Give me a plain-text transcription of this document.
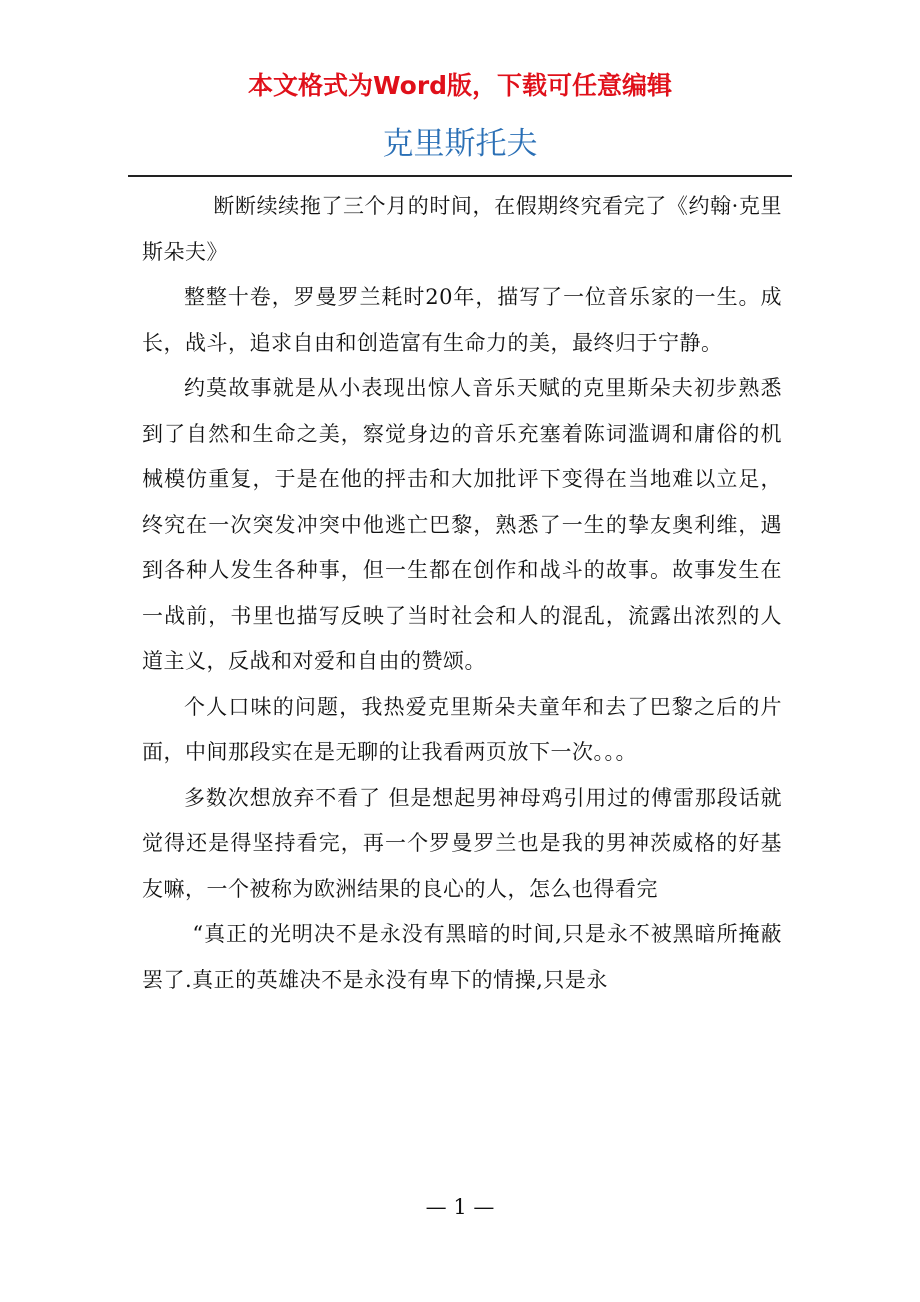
本文格式为Word版，下载可任意编辑
克里斯托夫

断断续续拖了三个月的时间，在假期终究看完了《约翰·克里斯朵夫》

整整十卷，罗曼罗兰耗时20年，描写了一位音乐家的一生。成长，战斗，追求自由和创造富有生命力的美，最终归于宁静。

约莫故事就是从小表现出惊人音乐天赋的克里斯朵夫初步熟悉到了自然和生命之美，察觉身边的音乐充塞着陈词滥调和庸俗的机械模仿重复，于是在他的抨击和大加批评下变得在当地难以立足，终究在一次突发冲突中他逃亡巴黎，熟悉了一生的挚友奥利维，遇到各种人发生各种事，但一生都在创作和战斗的故事。故事发生在一战前，书里也描写反映了当时社会和人的混乱，流露出浓烈的人道主义，反战和对爱和自由的赞颂。

个人口味的问题，我热爱克里斯朵夫童年和去了巴黎之后的片面，中间那段实在是无聊的让我看两页放下一次。。。

多数次想放弃不看了 但是想起男神母鸡引用过的傅雷那段话就觉得还是得坚持看完，再一个罗曼罗兰也是我的男神茨威格的好基友嘛，一个被称为欧洲结果的良心的人，怎么也得看完

“真正的光明决不是永没有黑暗的时间,只是永不被黑暗所掩蔽罢了.真正的英雄决不是永没有卑下的情操,只是永

— 1 —
